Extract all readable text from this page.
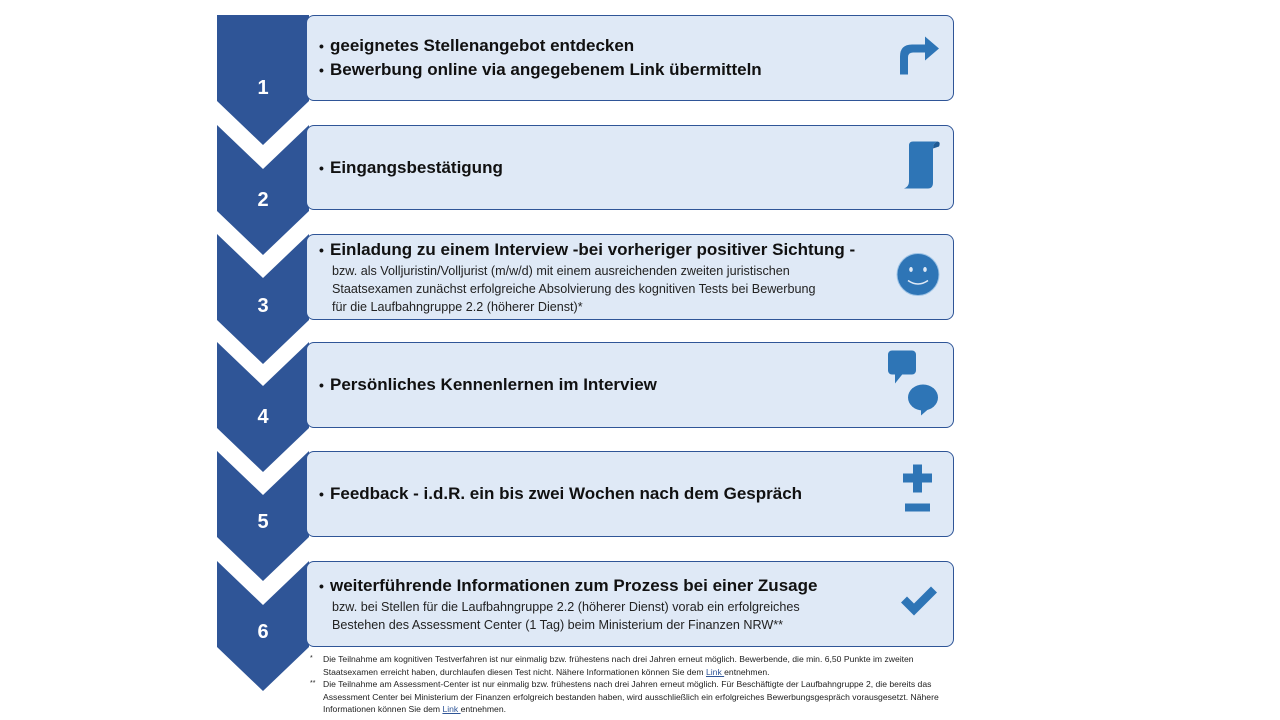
1
• geeignetes Stellenangebot entdecken
• Bewerbung online via angegebenem Link übermitteln
2
• Eingangsbestätigung
3
• Einladung zu einem Interview -bei vorheriger positiver Sichtung -
bzw. als Volljuristin/Volljurist (m/w/d) mit einem ausreichenden zweiten juristischen
Staatsexamen zunächst erfolgreiche Absolvierung des kognitiven Tests bei Bewerbung
für die Laufbahngruppe 2.2 (höherer Dienst)*
4
• Persönliches Kennenlernen im Interview
5
• Feedback - i.d.R. ein bis zwei Wochen nach dem Gespräch
6
• weiterführende Informationen zum Prozess bei einer Zusage
bzw. bei Stellen für die Laufbahngruppe 2.2 (höherer Dienst) vorab ein erfolgreiches
Bestehen des Assessment Center (1 Tag) beim Ministerium der Finanzen NRW**
*	Die Teilnahme am kognitiven Testverfahren ist nur einmalig bzw. frühestens nach drei Jahren erneut möglich. Bewerbende, die min. 6,50 Punkte im zweiten Staatsexamen erreicht haben, durchlaufen diesen Test nicht. Nähere Informationen können Sie dem Link entnehmen.
** Die Teilnahme am Assessment-Center ist nur einmalig bzw. frühestens nach drei Jahren erneut möglich. Für Beschäftigte der Laufbahngruppe 2, die bereits das Assessment Center bei Ministerium der Finanzen erfolgreich bestanden haben, wird ausschließlich ein erfolgreiches Bewerbungsgespräch vorausgesetzt. Nähere Informationen können Sie dem Link entnehmen.
